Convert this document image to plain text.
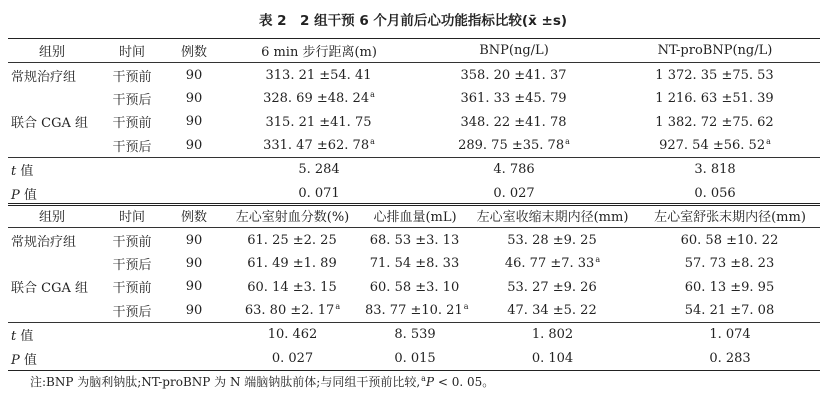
表 2　2 组干预 6 个月前后心功能指标比较(x̄ ±s)
组别	时间	例数	6 min 步行距离(m)	BNP(ng/L)	NT-proBNP(ng/L)
常规治疗组	干预前	90	313. 21 ±54. 41	358. 20 ±41. 37	1 372. 35 ±75. 53
	干预后	90	328. 69 ±48. 24$^a$	361. 33 ±45. 79	1 216. 63 ±51. 39
联合 CGA 组	干预前	90	315. 21 ±41. 75	348. 22 ±41. 78	1 382. 72 ±75. 62
	干预后	90	331. 47 ±62. 78$^a$	289. 75 ±35. 78$^a$	927. 54 ±56. 52$^a$
t 值			5. 284	4. 786	3. 818
P 值			0. 071	0. 027	0. 056
组别	时间	例数	左心室射血分数(%)	心排血量(mL)	左心室收缩末期内径(mm)	左心室舒张末期内径(mm)
常规治疗组	干预前	90	61. 25 ±2. 25	68. 53 ±3. 13	53. 28 ±9. 25	60. 58 ±10. 22
	干预后	90	61. 49 ±1. 89	71. 54 ±8. 33	46. 77 ±7. 33$^a$	57. 73 ±8. 23
联合 CGA 组	干预前	90	60. 14 ±3. 15	60. 58 ±3. 10	53. 27 ±9. 26	60. 13 ±9. 95
	干预后	90	63. 80 ±2. 17$^a$	83. 77 ±10. 21$^a$	47. 34 ±5. 22	54. 21 ±7. 08
t 值			10. 462	8. 539	1. 802	1. 074
P 值			0. 027	0. 015	0. 104	0. 283
注:BNP 为脑利钠肽;NT-proBNP 为 N 端脑钠肽前体;与同组干预前比较,$^a$P < 0. 05。
